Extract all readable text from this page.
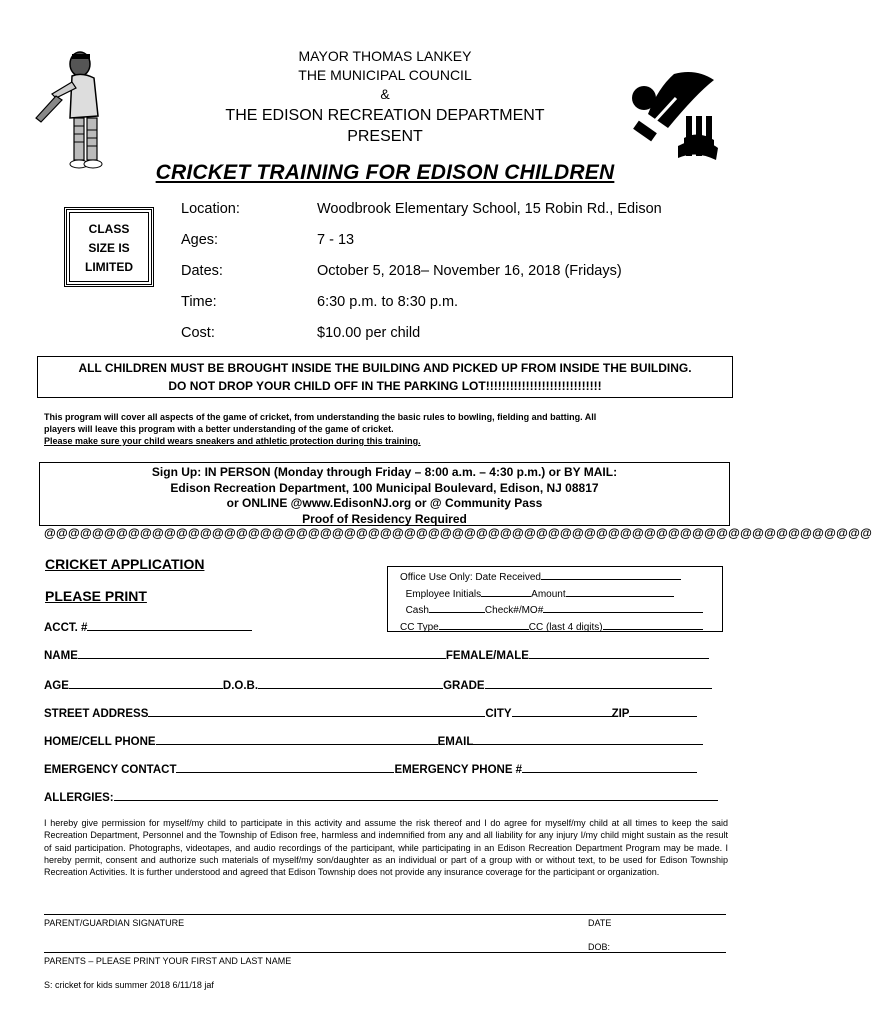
MAYOR THOMAS LANKEY
THE MUNICIPAL COUNCIL
&
THE EDISON RECREATION DEPARTMENT
PRESENT
CRICKET TRAINING FOR EDISON CHILDREN
CLASS
SIZE IS
LIMITED
Location:	Woodbrook Elementary School, 15 Robin Rd., Edison
Ages:	7 - 13
Dates:	October 5, 2018– November 16, 2018 (Fridays)
Time:	6:30 p.m. to 8:30 p.m.
Cost:	$10.00 per child
ALL CHILDREN MUST BE BROUGHT INSIDE THE BUILDING AND PICKED UP FROM INSIDE THE BUILDING.
DO NOT DROP YOUR CHILD OFF IN THE PARKING LOT!!!!!!!!!!!!!!!!!!!!!!!!!!!!!
This program will cover all aspects of the game of cricket, from understanding the basic rules to bowling, fielding and batting. All
players will leave this program with a better understanding of the game of cricket.
Please make sure your child wears sneakers and athletic protection during this training.
Sign Up: IN PERSON (Monday through Friday – 8:00 a.m. – 4:30 p.m.) or BY MAIL:
Edison Recreation Department, 100 Municipal Boulevard, Edison, NJ 08817
or ONLINE @www.EdisonNJ.org or @ Community Pass
Proof of Residency Required
@@@@@@@@@@@@@@@@@@@@@@@@@@@@@@@@@@@@@@@@@@@@@@@@@@@@@@@@@@@@@@@@@@@@@
CRICKET APPLICATION
PLEASE PRINT
ACCT. #
Office Use Only: Date Received
Employee Initials	Amount
Cash	Check#/MO#
CC Type	CC (last 4 digits)
NAME	FEMALE/MALE
AGE	D.O.B.	GRADE
STREET ADDRESS	CITY	ZIP
HOME/CELL PHONE	EMAIL
EMERGENCY CONTACT	EMERGENCY PHONE #
ALLERGIES:
I hereby give permission for myself/my child to participate in this activity and assume the risk thereof and I do agree for myself/my child at all times to keep the said Recreation Department, Personnel and the Township of Edison free, harmless and indemnified from any and all liability for any injury I/my child might sustain as the result of said participation. Photographs, videotapes, and audio recordings of the participant, while participating in an Edison Recreation Department Program may be made. I hereby permit, consent and authorize such materials of myself/my son/daughter as an individual or part of a group with or without text, to be used for Edison Township Recreation Activities. It is further understood and agreed that Edison Township does not provide any insurance coverage for the participant or organization.
PARENT/GUARDIAN SIGNATURE	DATE
DOB:
PARENTS – PLEASE PRINT YOUR FIRST AND LAST NAME
S: cricket for kids summer 2018 6/11/18 jaf
